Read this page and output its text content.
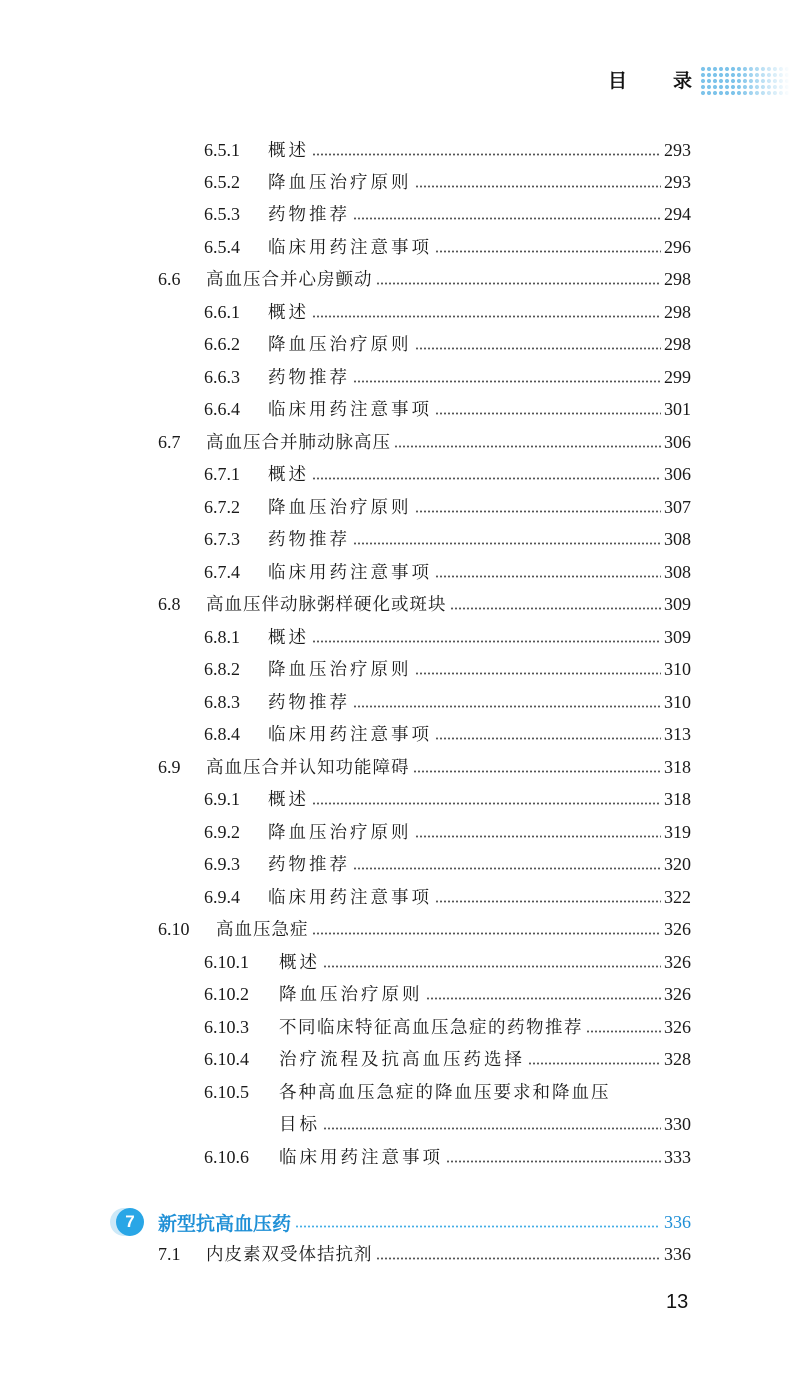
目 录
6.5.1	概述	293
6.5.2	降血压治疗原则	293
6.5.3	药物推荐	294
6.5.4	临床用药注意事项	296
6.6	高血压合并心房颤动	298
6.6.1	概述	298
6.6.2	降血压治疗原则	298
6.6.3	药物推荐	299
6.6.4	临床用药注意事项	301
6.7	高血压合并肺动脉高压	306
6.7.1	概述	306
6.7.2	降血压治疗原则	307
6.7.3	药物推荐	308
6.7.4	临床用药注意事项	308
6.8	高血压伴动脉粥样硬化或斑块	309
6.8.1	概述	309
6.8.2	降血压治疗原则	310
6.8.3	药物推荐	310
6.8.4	临床用药注意事项	313
6.9	高血压合并认知功能障碍	318
6.9.1	概述	318
6.9.2	降血压治疗原则	319
6.9.3	药物推荐	320
6.9.4	临床用药注意事项	322
6.10	高血压急症	326
6.10.1	概述	326
6.10.2	降血压治疗原则	326
6.10.3	不同临床特征高血压急症的药物推荐	326
6.10.4	治疗流程及抗高血压药选择	328
6.10.5	各种高血压急症的降血压要求和降血压
目标	330
6.10.6	临床用药注意事项	333
7	新型抗高血压药	336
7.1	内皮素双受体拮抗剂	336
13
